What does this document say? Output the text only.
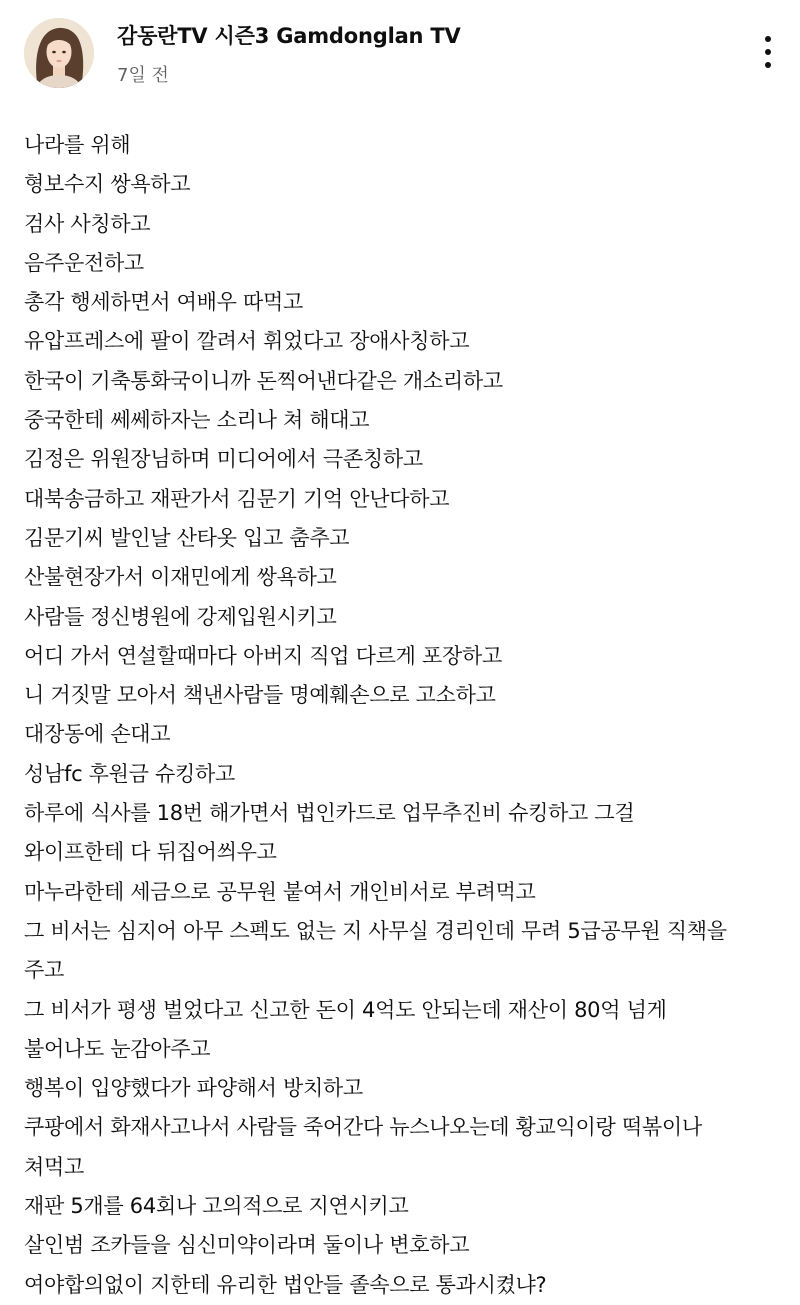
감동란TV 시즌3 Gamdonglan TV
7일 전
나라를 위해
형보수지 쌍욕하고
검사 사칭하고
음주운전하고
총각 행세하면서 여배우 따먹고
유압프레스에 팔이 깔려서 휘었다고 장애사칭하고
한국이 기축통화국이니까 돈찍어낸다같은 개소리하고
중국한테 쎄쎄하자는 소리나 쳐 해대고
김정은 위원장님하며 미디어에서 극존칭하고
대북송금하고 재판가서 김문기 기억 안난다하고
김문기씨 발인날 산타옷 입고 춤추고
산불현장가서 이재민에게 쌍욕하고
사람들 정신병원에 강제입원시키고
어디 가서 연설할때마다 아버지 직업 다르게 포장하고
니 거짓말 모아서 책낸사람들 명예훼손으로 고소하고
대장동에 손대고
성남fc 후원금 슈킹하고
하루에 식사를 18번 해가면서 법인카드로 업무추진비 슈킹하고 그걸
와이프한테 다 뒤집어씌우고
마누라한테 세금으로 공무원 붙여서 개인비서로 부려먹고
그 비서는 심지어 아무 스펙도 없는 지 사무실 경리인데 무려 5급공무원 직책을
주고
그 비서가 평생 벌었다고 신고한 돈이 4억도 안되는데 재산이 80억 넘게
불어나도 눈감아주고
행복이 입양했다가 파양해서 방치하고
쿠팡에서 화재사고나서 사람들 죽어간다 뉴스나오는데 황교익이랑 떡볶이나
쳐먹고
재판 5개를 64회나 고의적으로 지연시키고
살인범 조카들을 심신미약이라며 둘이나 변호하고
여야합의없이 지한테 유리한 법안들 졸속으로 통과시켰냐?
